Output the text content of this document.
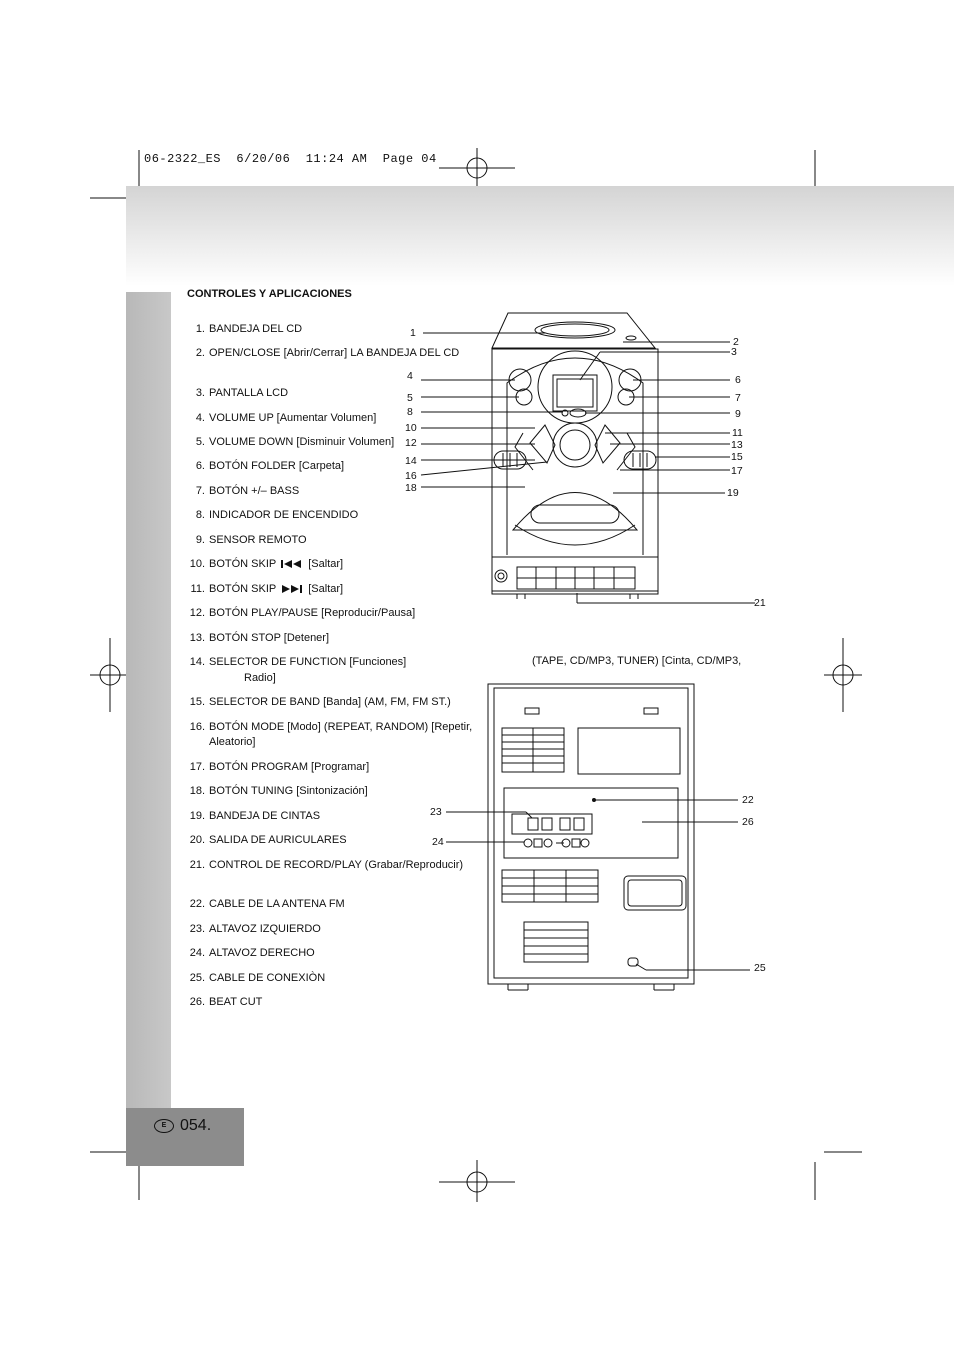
06-2322_ES  6/20/06  11:24 AM  Page 04
CONTROLES Y APLICACIONES
1. BANDEJA DEL CD
2. OPEN/CLOSE [Abrir/Cerrar] LA BANDEJA DEL CD
3. PANTALLA LCD
4. VOLUME UP [Aumentar Volumen]
5. VOLUME DOWN [Disminuir Volumen]
6. BOTÓN FOLDER [Carpeta]
7. BOTÓN +/– BASS
8. INDICADOR DE ENCENDIDO
9. SENSOR REMOTO
10. BOTÓN SKIP	[Saltar]
11. BOTÓN SKIP	[Saltar]
12. BOTÓN PLAY/PAUSE [Reproducir/Pausa]
13. BOTÓN STOP [Detener]
14. SELECTOR DE FUNCTION [Funciones]
Radio]
15. SELECTOR DE BAND [Banda] (AM, FM, FM ST.)
16. BOTÓN MODE [Modo] (REPEAT, RANDOM) [Repetir, Aleatorio]
17. BOTÓN PROGRAM [Programar]
18. BOTÓN TUNING [Sintonización]
19. BANDEJA DE CINTAS
20. SALIDA DE AURICULARES
21. CONTROL DE RECORD/PLAY (Grabar/Reproducir)
22. CABLE DE LA ANTENA FM
23. ALTAVOZ IZQUIERDO
24. ALTAVOZ DERECHO
25. CABLE DE CONEXIÒN
26. BEAT CUT
(TAPE, CD/MP3, TUNER) [Cinta, CD/MP3,
1
2
3
4
5
6
7
8	9
10	11
12	13
14	15
16	17
18	19
21
22
23
24
25
26
E 054.
